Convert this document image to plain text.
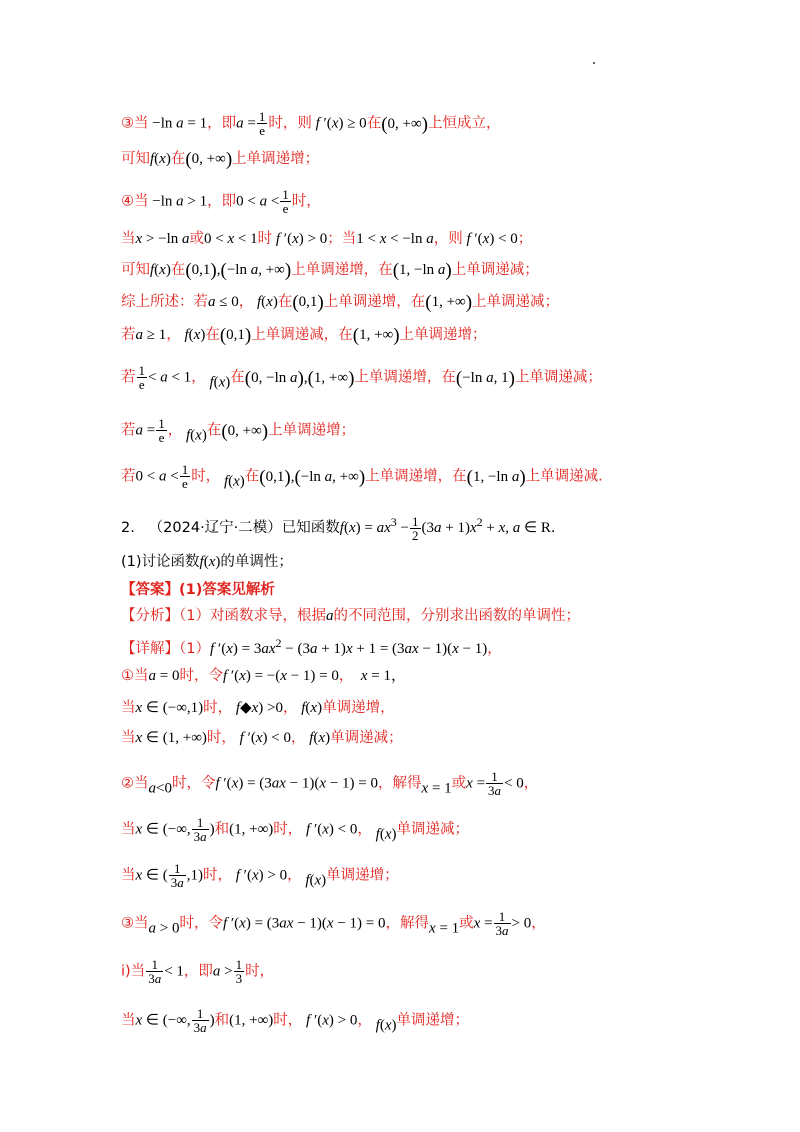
③当 −ln a = 1，即$a = \frac{1}{e}$ 时，则 f ′(x) ≥ 0在(0, +∞)上恒成立，
可知f(x)在(0, +∞)上单调递增；
④当 −ln a > 1，即$0 < a < \frac{1}{e}$ 时，
当x > −ln a或0 < x < 1时 f ′(x) > 0；当1 < x < −ln a，则 f ′(x) < 0；
可知f(x)在(0,1),(−ln a, +∞)上单调递增，在(1, −ln a)上单调递减；
综上所述：若a ≤ 0， f(x)在(0,1)上单调递增，在(1, +∞)上单调递减；
若a ≥ 1， f(x)在(0,1)上单调递减，在(1, +∞)上单调递增；
若 $\frac{1}{e} < a < 1$， f(x)在(0, −ln a),(1, +∞)上单调递增，在(−ln a, 1)上单调递减；
若$a = \frac{1}{e}$ ， f(x)在(0, +∞)上单调递增；
若$0 < a < \frac{1}{e}$ 时， f(x)在(0,1),(−ln a, +∞)上单调递增，在(1, −ln a)上单调递减.
2. （2024·辽宁·二模）已知函数$f(x) = ax^3 - \frac{1}{2} (3a + 1)x^2 + x$, a ∈ R.
(1)讨论函数f(x)的单调性；
【答案】(1)答案见解析
【分析】（1）对函数求导，根据a的不同范围，分别求出函数的单调性；
【详解】（1）f $'(x) = 3ax^2 - (3a + 1)x + 1 = (3ax - 1)(x - 1)$，
①当a = 0时，令f ′(x) = −(x − 1) = 0， x = 1，
当x ∈ (−∞,1)时， f◆x) >0， f(x)单调递增，
当x ∈ (1, +∞)时， f ′(x) < 0， f(x)单调递减；
②当a<0时，令f ′(x) = (3ax − 1)(x − 1) = 0，解得x = 1或$x = \frac{1}{3a} < 0$，
当x ∈ (−∞, $\frac{1}{3a}$ )和(1, +∞)时， f ′(x) < 0， f(x)单调递减；
当x ∈ ( $\frac{1}{3a} ,1$)时， f ′(x) > 0， f(x)单调递增；
③当a > 0时，令f ′(x) = (3ax − 1)(x − 1) = 0，解得x = 1或$x = \frac{1}{3a} > 0$，
i)当 $\frac{1}{3a} < 1$，即$a > \frac{1}{3}$ 时，
当x ∈ (−∞, $\frac{1}{3a}$ )和(1, +∞)时， f ′(x) > 0， f(x)单调递增；
